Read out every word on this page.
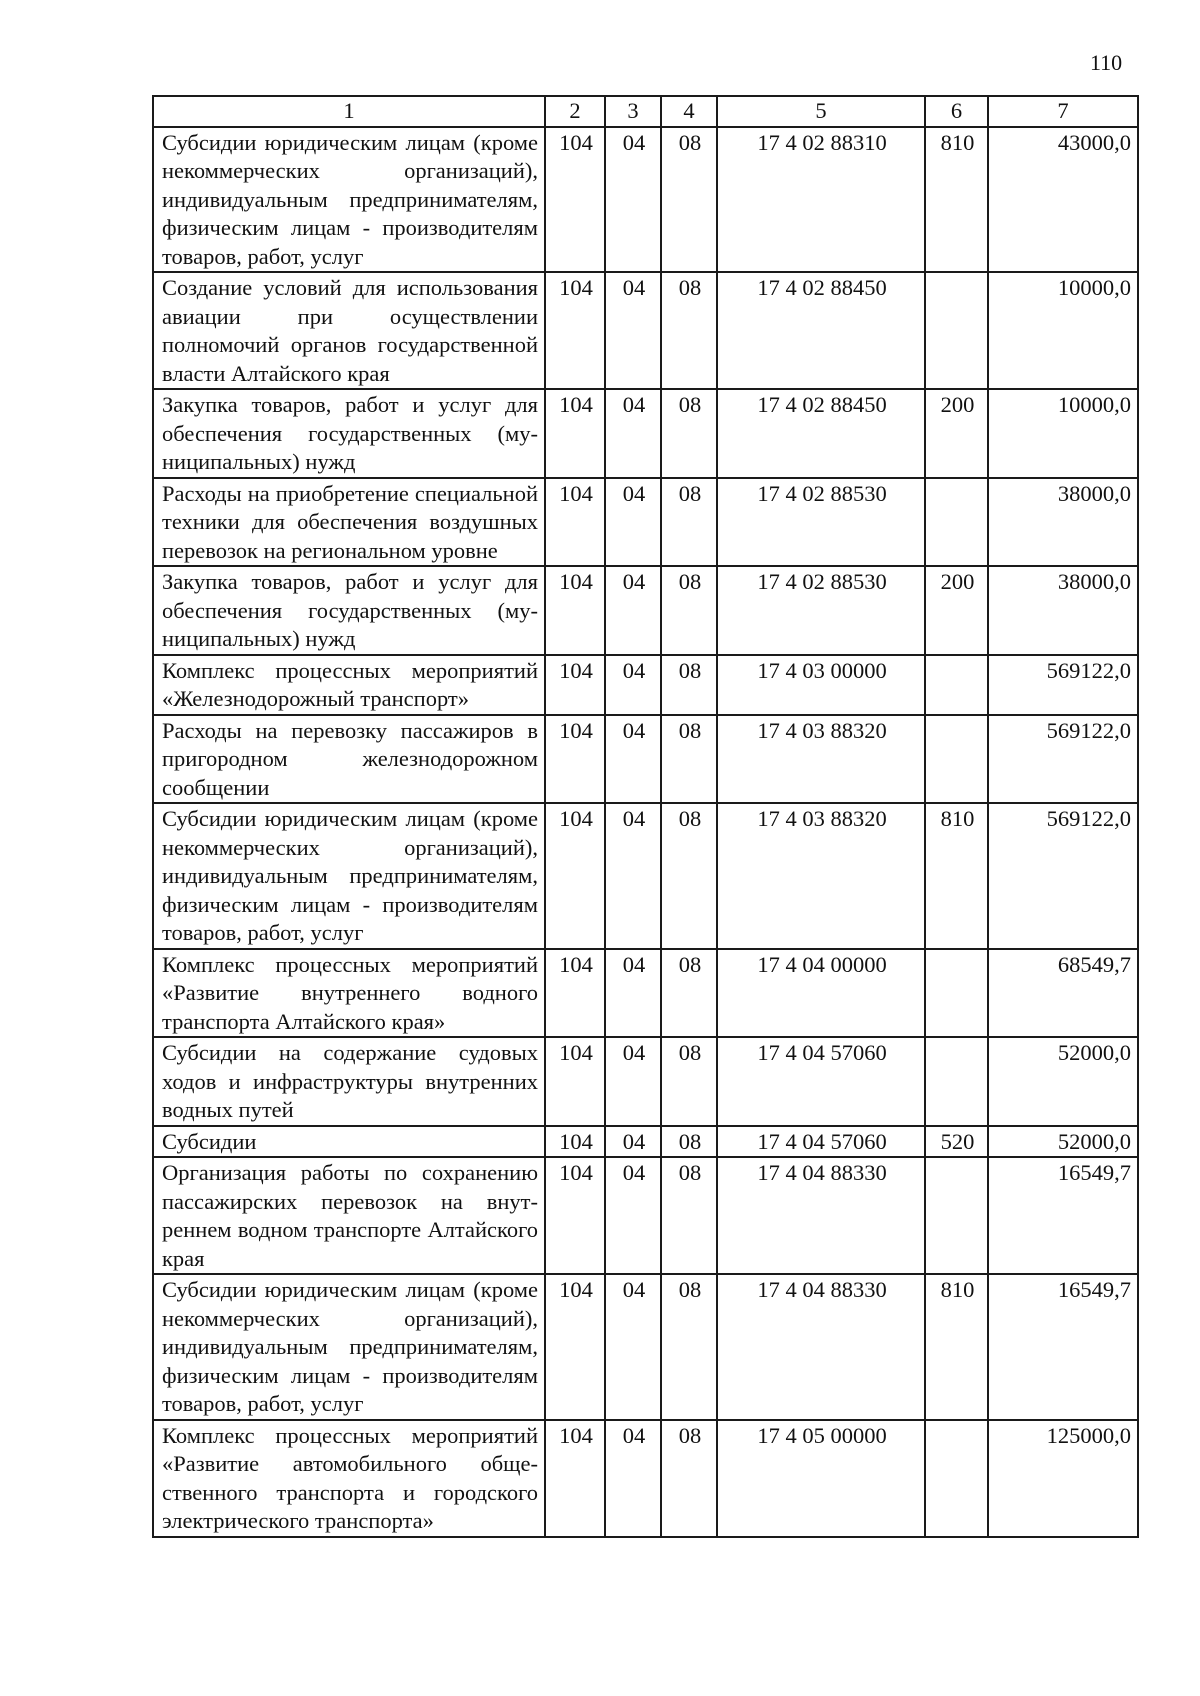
110
1	2	3	4	5	6	7
Субсидии юридическим лицам (кроме некоммерческих организаций), индивидуальным предпринимателям, физическим лицам - производителям товаров, работ, услуг	104	04	08	17 4 02 88310	810	43000,0
Создание условий для использования авиации при осуществлении полномочий органов государственной власти Алтайского края	104	04	08	17 4 02 88450		10000,0
Закупка товаров, работ и услуг для обеспечения государственных (муниципальных) нужд	104	04	08	17 4 02 88450	200	10000,0
Расходы на приобретение специальной техники для обеспечения воздушных перевозок на региональном уровне	104	04	08	17 4 02 88530		38000,0
Закупка товаров, работ и услуг для обеспечения государственных (муниципальных) нужд	104	04	08	17 4 02 88530	200	38000,0
Комплекс процессных мероприятий «Железнодорожный транспорт»	104	04	08	17 4 03 00000		569122,0
Расходы на перевозку пассажиров в пригородном железнодорожном сообщении	104	04	08	17 4 03 88320		569122,0
Субсидии юридическим лицам (кроме некоммерческих организаций), индивидуальным предпринимателям, физическим лицам - производителям товаров, работ, услуг	104	04	08	17 4 03 88320	810	569122,0
Комплекс процессных мероприятий «Развитие внутреннего водного транспорта Алтайского края»	104	04	08	17 4 04 00000		68549,7
Субсидии на содержание судовых ходов и инфраструктуры внутренних водных путей	104	04	08	17 4 04 57060		52000,0
Субсидии	104	04	08	17 4 04 57060	520	52000,0
Организация работы по сохранению пассажирских перевозок на внутреннем водном транспорте Алтайского края	104	04	08	17 4 04 88330		16549,7
Субсидии юридическим лицам (кроме некоммерческих организаций), индивидуальным предпринимателям, физическим лицам - производителям товаров, работ, услуг	104	04	08	17 4 04 88330	810	16549,7
Комплекс процессных мероприятий «Развитие автомобильного общественного транспорта и городского электрического транспорта»	104	04	08	17 4 05 00000		125000,0
